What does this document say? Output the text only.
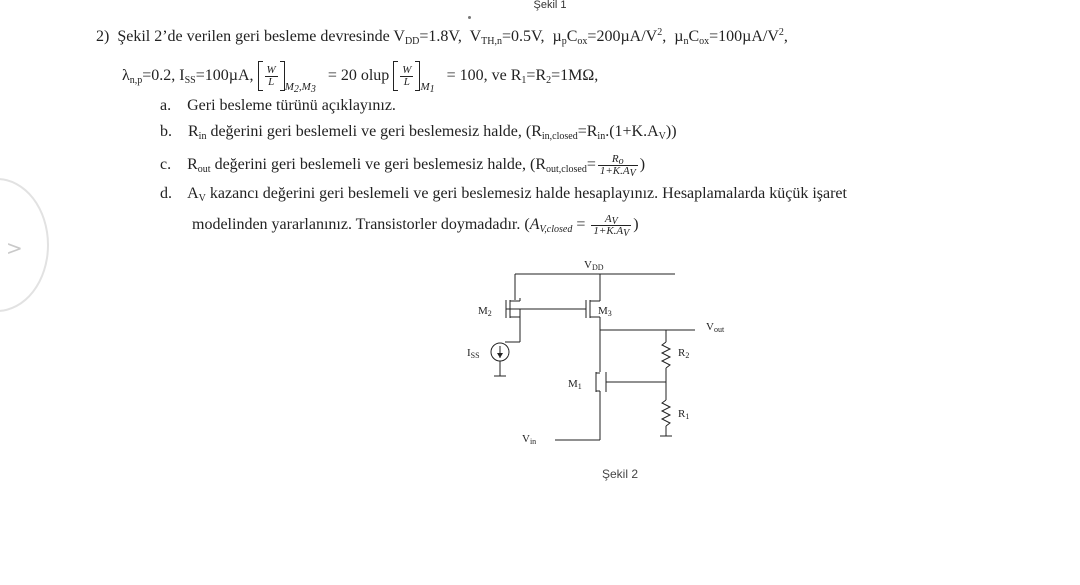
Şekil 1
2) Şekil 2’de verilen geri besleme devresinde $V_{DD}=1.8V$,  $V_{TH,n}=0.5V$,  $\mu_pC_{ox}=200\mu A/V^2$,  $\mu_nC_{ox}=100\mu A/V^2$,
$\lambda_{n,p}=0.2$, $I_{SS}=100\mu A$, $\frac{W}{L} _{M_2,M_3} = 20$ olup $\frac{W}{L} _{M_1} = 100$, ve $R_1=R_2=1M\Omega$,
a. Geri besleme türünü açıklayınız.
b.    $R_{in}$ değerini geri beslemeli ve geri beslemesiz halde, $(R_{in,closed}=R_{in}.(1+K.A_V))$
c.    $R_{out}$ değerini geri beslemeli ve geri beslemesiz halde, ($R_{out,closed}= \frac{R_o}{1+K.A_V}$ )
d.    $A_V$ kazancı değerini geri beslemeli ve geri beslemesiz halde hesaplayınız. Hesaplamalarda küçük işaret
modelinden yararlanınız. Transistorler doymadadır. ($A_{V,closed} = \frac{A_V}{1+K.A_V}$ )
>
VDD
M2	M3
M1
Vout
ISS	R2
R1
Vin
Şekil 2
